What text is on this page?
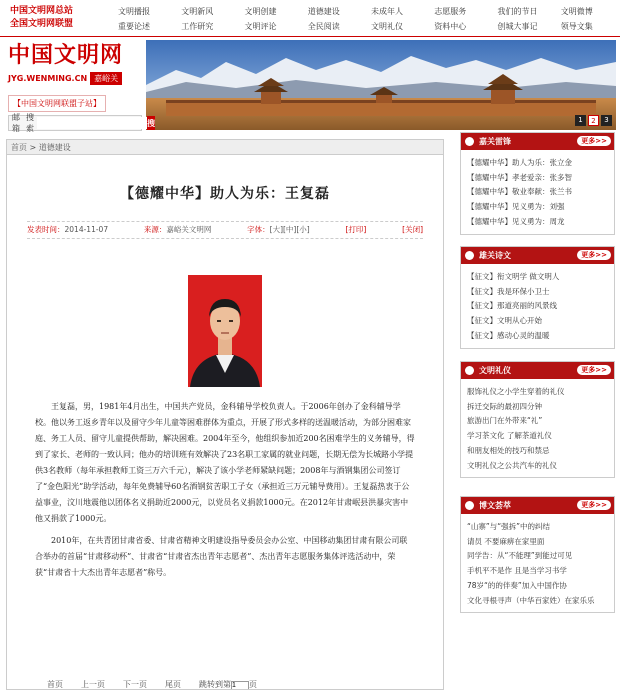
中国文明网总站
全国文明网联盟
文明播报	文明新风	文明创建	道德建设	未成年人	志愿服务	我们的节日	文明微博
重要论述	工作研究	文明评论	全民阅读	文明礼仪	资料中心	创城大事记	领导文集
中国文明网
JYG.WENMING.CN 嘉峪关
【中国文明网联盟子站】
1	2	3
邮箱
搜索
搜
首页 > 道德建设
【德耀中华】助人为乐：王复磊
发表时间：2014-11-07	来源：嘉峪关文明网	字体：[大][中][小]	[打印]	[关闭]

王复磊，男，1981年4月出生，中国共产党员，金科辅导学校负责人。于2006年创办了金科辅导学校。他以务工返乡青年以及留守少年儿童等困难群体为重点，开展了形式多样的送温暖活动，为部分困难家庭、务工人员、留守儿童提供帮助，解决困难。2004年至今，他组织参加近200名困难学生的义务辅导，得到了家长、老师的一致认同；他办的培训班有效解决了23名职工家属的就业问题，长期无偿为长城路小学提供3名教师（每年承担教师工资三万六千元），解决了该小学老师紧缺问题；2008年与酒钢集团公司签订了“金色阳光”助学活动，每年免费辅导60名酒钢贫苦职工子女（承担近三万元辅导费用）。王复磊热衷于公益事业，汶川地震他以团体名义捐助近2000元，以党员名义捐款1000元。在2012年甘肃岷县洪暴灾害中他又捐款了1000元。

2010年，在共青团甘肃省委、甘肃省精神文明建设指导委员会办公室、中国移动集团甘肃有限公司联合举办的首届“甘肃移动杯”、甘肃省“甘肃省杰出青年志愿者”、杰出青年志愿服务集体评选活动中，荣获“甘肃省十大杰出青年志愿者”称号。

首页 上一页 下一页 尾页 跳转到第1 页
嘉关雷锋	更多>>
【德耀中华】助人为乐：张立金
【德耀中华】孝老爱亲：张多智
【德耀中华】敬业奉献：张兰书
【德耀中华】见义勇为：刘强
【德耀中华】见义勇为：周龙
雄关诗文	更多>>
【征文】衔文明学 做文明人
【征文】我是环保小卫士
【征文】那道亮丽的风景线
【征文】文明从心开始
【征文】感动心灵的温暖
文明礼仪	更多>>
服饰礼仪之小学生穿着的礼仪
拆迁交际的最初四分钟
旅游出门在外带来“礼”
学习茶文化 了解茶道礼仪
和朋友相处的技巧和禁忌
文明礼仪之公共汽车的礼仪
博文荟萃	更多>>
“山寨”与“强拆”中的纠结
请员 不要麻痹在家里面
同学告：从“不能理”到能过可见
手机平不是作 且是当学习书学
78岁“的的伴奏”加入中国作协
文化寻根寻声（中华百家姓）在家乐乐
